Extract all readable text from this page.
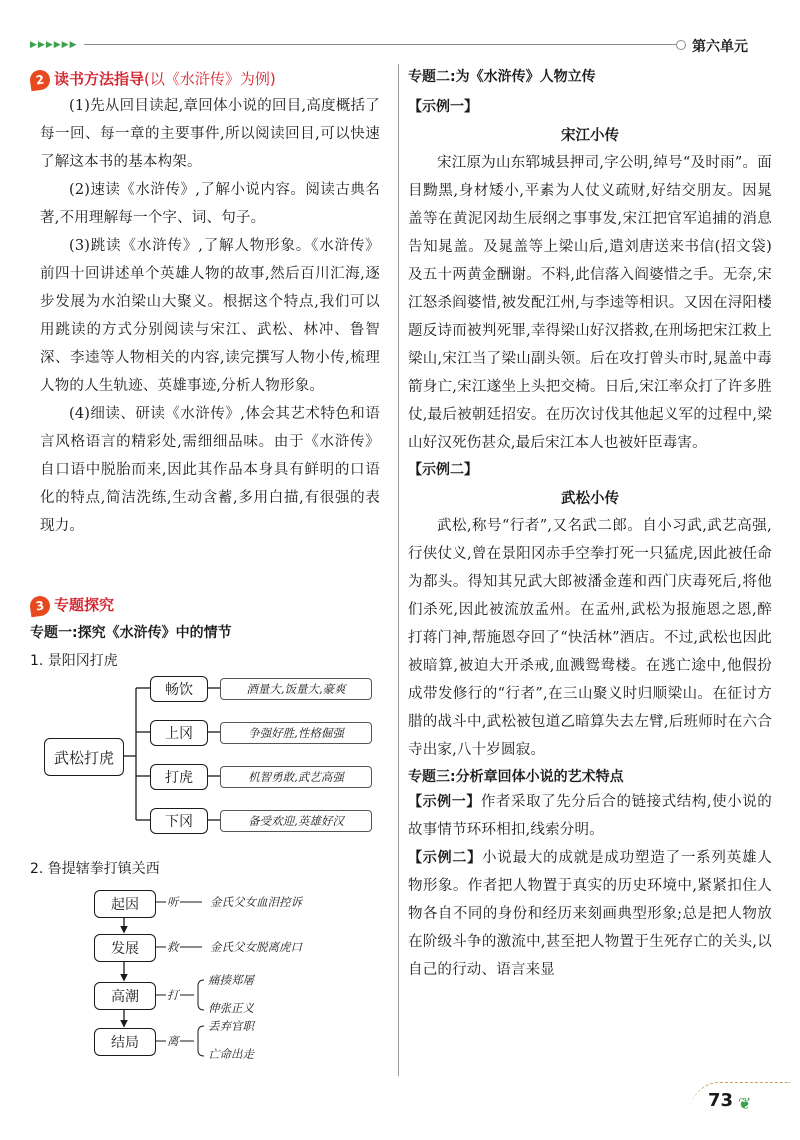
▶▶▶▶▶▶	第六单元
2 读书方法指导(以《水浒传》为例)
(1)先从回目读起,章回体小说的回目,高度概括了每一回、每一章的主要事件,所以阅读回目,可以快速了解这本书的基本构架。
(2)速读《水浒传》,了解小说内容。阅读古典名著,不用理解每一个字、词、句子。
(3)跳读《水浒传》,了解人物形象。《水浒传》前四十回讲述单个英雄人物的故事,然后百川汇海,逐步发展为水泊梁山大聚义。根据这个特点,我们可以用跳读的方式分别阅读与宋江、武松、林冲、鲁智深、李逵等人物相关的内容,读完撰写人物小传,梳理人物的人生轨迹、英雄事迹,分析人物形象。
(4)细读、研读《水浒传》,体会其艺术特色和语言风格语言的精彩处,需细细品味。由于《水浒传》自口语中脱胎而来,因此其作品本身具有鲜明的口语化的特点,简洁洗练,生动含蓄,多用白描,有很强的表现力。
3 专题探究
专题一:探究《水浒传》中的情节
1. 景阳冈打虎
武松打虎
畅饮
上冈
打虎
下冈
酒量大,饭量大,豪爽
争强好胜,性格倔强
机智勇敢,武艺高强
备受欢迎,英雄好汉
2. 鲁提辖拳打镇关西
起因
发展
高潮
结局
听
救
打
离
金氏父女血泪控诉
金氏父女脱离虎口
痛揍郑屠
伸张正义
丢弃官职
亡命出走
专题二:为《水浒传》人物立传
【示例一】
宋江小传
宋江原为山东郓城县押司,字公明,绰号“及时雨”。面目黝黑,身材矮小,平素为人仗义疏财,好结交朋友。因晁盖等在黄泥冈劫生辰纲之事事发,宋江把官军追捕的消息告知晁盖。及晁盖等上梁山后,遣刘唐送来书信(招文袋)及五十两黄金酬谢。不料,此信落入阎婆惜之手。无奈,宋江怒杀阎婆惜,被发配江州,与李逵等相识。又因在浔阳楼题反诗而被判死罪,幸得梁山好汉搭救,在刑场把宋江救上梁山,宋江当了梁山副头领。后在攻打曾头市时,晁盖中毒箭身亡,宋江遂坐上头把交椅。日后,宋江率众打了许多胜仗,最后被朝廷招安。在历次讨伐其他起义军的过程中,梁山好汉死伤甚众,最后宋江本人也被奸臣毒害。
【示例二】
武松小传
武松,称号“行者”,又名武二郎。自小习武,武艺高强,行侠仗义,曾在景阳冈赤手空拳打死一只猛虎,因此被任命为都头。得知其兄武大郎被潘金莲和西门庆毒死后,将他们杀死,因此被流放孟州。在孟州,武松为报施恩之恩,醉打蒋门神,帮施恩夺回了“快活林”酒店。不过,武松也因此被暗算,被迫大开杀戒,血溅鸳鸯楼。在逃亡途中,他假扮成带发修行的“行者”,在三山聚义时归顺梁山。在征讨方腊的战斗中,武松被包道乙暗算失去左臂,后班师时在六合寺出家,八十岁圆寂。
专题三:分析章回体小说的艺术特点
【示例一】作者采取了先分后合的链接式结构,使小说的故事情节环环相扣,线索分明。
【示例二】小说最大的成就是成功塑造了一系列英雄人物形象。作者把人物置于真实的历史环境中,紧紧扣住人物各自不同的身份和经历来刻画典型形象;总是把人物放在阶级斗争的激流中,甚至把人物置于生死存亡的关头,以自己的行动、语言来显
73 ❦
